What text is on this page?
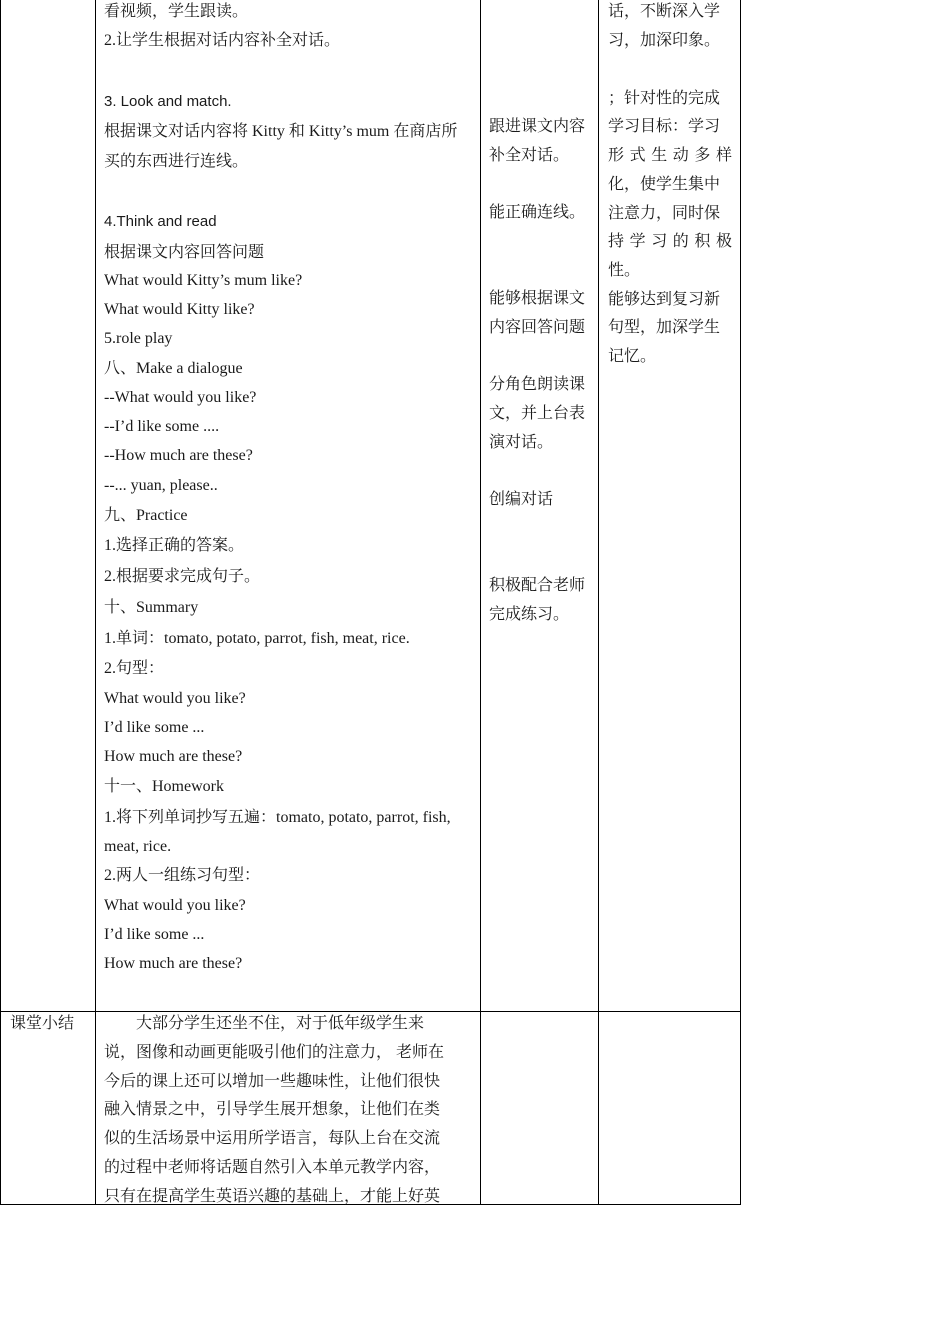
看视频，学生跟读。
2.让学生根据对话内容补全对话。
3. Look and match.
根据课文对话内容将 Kitty 和 Kitty’s mum 在商店所
买的东西进行连线。
4.Think and read
根据课文内容回答问题
What would Kitty’s mum like?
What would Kitty like?
5.role play
八、Make a dialogue
--What would you like?
--I’d like some ....
--How much are these?
--... yuan, please..
九、Practice
1.选择正确的答案。
2.根据要求完成句子。
十、Summary
1.单词：tomato, potato, parrot, fish, meat, rice.
2.句型：
What would you like?
I’d like some ...
How much are these?
十一、Homework
1.将下列单词抄写五遍：tomato, potato, parrot, fish,
meat, rice.
2.两人一组练习句型：
What would you like?
I’d like some ...
How much are these?
跟进课文内容
补全对话。
能正确连线。
能够根据课文
内容回答问题
分角色朗读课
文，并上台表
演对话。
创编对话
积极配合老师
完成练习。
话，不断深入学
习，加深印象。
；针对性的完成
学习目标：学习
形式生动多样
化，使学生集中
注意力，同时保
持学习的积极
性。
能够达到复习新
句型，加深学生
记忆。
课堂小结	大部分学生还坐不住，对于低年级学生来
说，图像和动画更能吸引他们的注意力， 老师在
今后的课上还可以增加一些趣味性，让他们很快
融入情景之中，引导学生展开想象，让他们在类
似的生活场景中运用所学语言，每队上台在交流
的过程中老师将话题自然引入本单元教学内容，
只有在提高学生英语兴趣的基础上，才能上好英
